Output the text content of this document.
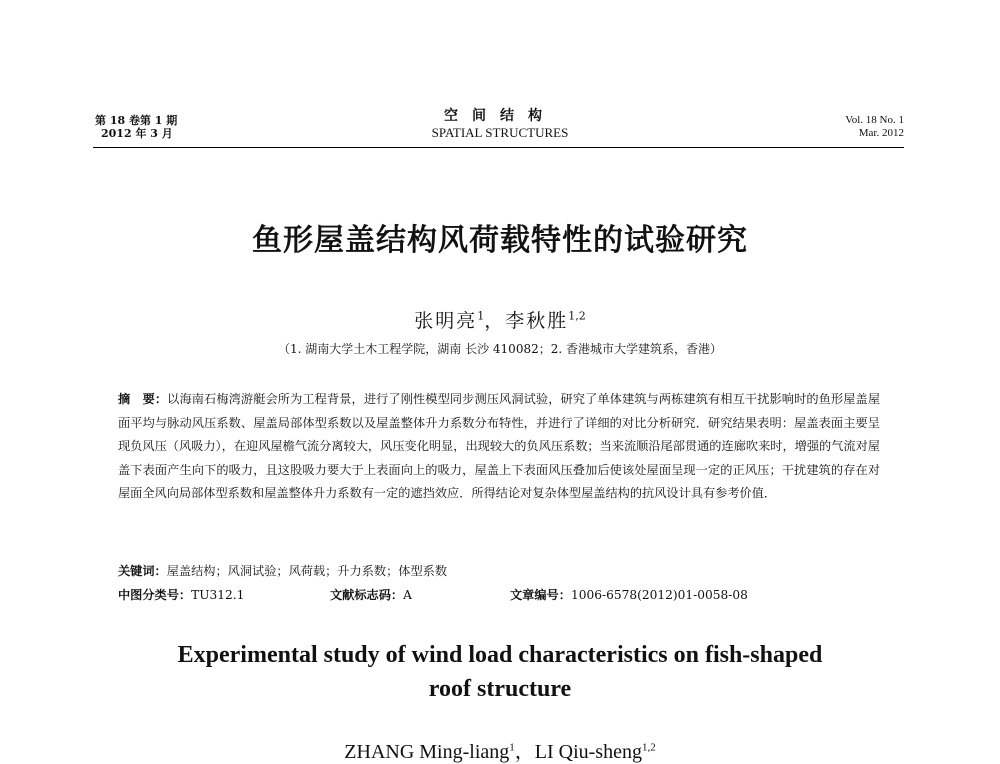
第 18 卷第 1 期
2012 年 3 月
空间结构
SPATIAL STRUCTURES
Vol. 18 No. 1
Mar. 2012
鱼形屋盖结构风荷载特性的试验研究
张明亮$^1$，李秋胜$^{1,2}$
（1. 湖南大学土木工程学院，湖南 长沙 410082；2. 香港城市大学建筑系，香港）
摘　要：以海南石梅湾游艇会所为工程背景，进行了刚性模型同步测压风洞试验，研究了单体建筑与两栋建筑有相互干扰影响时的鱼形屋盖屋面平均与脉动风压系数、屋盖局部体型系数以及屋盖整体升力系数分布特性，并进行了详细的对比分析研究．研究结果表明：屋盖表面主要呈现负风压（风吸力），在迎风屋檐气流分离较大，风压变化明显，出现较大的负风压系数；当来流顺沿尾部贯通的连廊吹来时，增强的气流对屋盖下表面产生向下的吸力，且这股吸力要大于上表面向上的吸力，屋盖上下表面风压叠加后使该处屋面呈现一定的正风压；干扰建筑的存在对屋面全风向局部体型系数和屋盖整体升力系数有一定的遮挡效应．所得结论对复杂体型屋盖结构的抗风设计具有参考价值．
关键词：屋盖结构；风洞试验；风荷载；升力系数；体型系数
中图分类号：TU312.1	文献标志码：A	文章编号：1006-6578(2012)01-0058-08
Experimental study of wind load characteristics on fish-shaped
roof structure
ZHANG Ming-liang$^1$，LI Qiu-sheng$^{1,2}$
